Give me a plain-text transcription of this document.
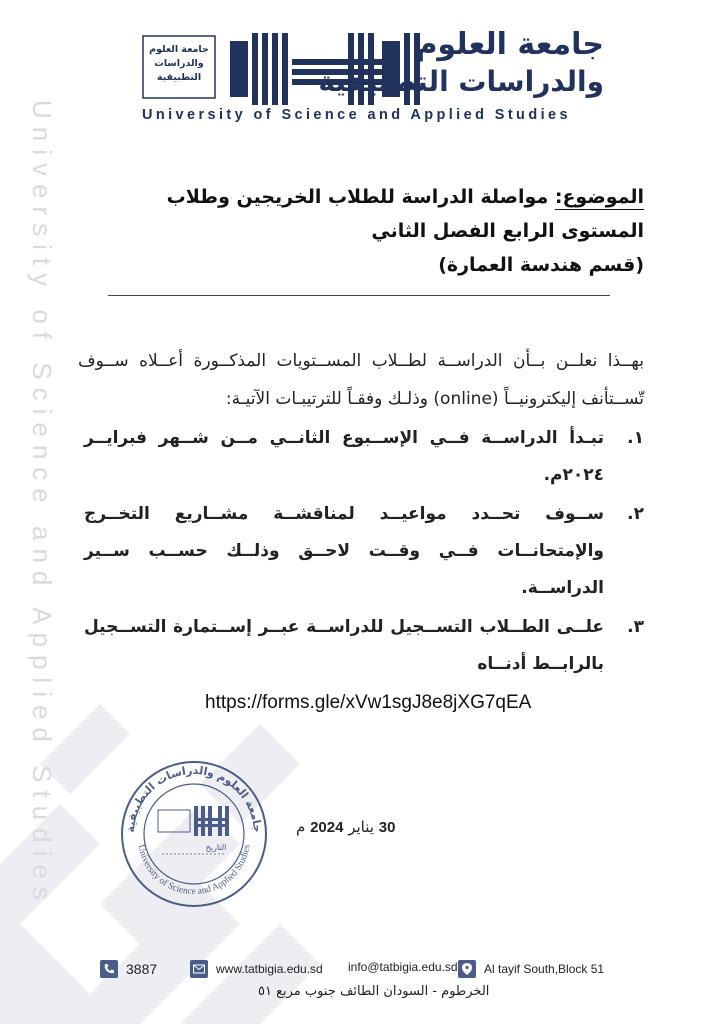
University of Science and Applied Studies
جامعة العلوم والدراسات التطبيقية
جامعة العلوم
والدراسات التطبيقية
University of Science and Applied Studies
الموضوع: مواصلة الدراسة للطلاب الخريجين وطلاب
المستوى الرابع الفصل الثاني
(قسم هندسة العمارة)
بهــذا نعلــن بــأن الدراســة لطــلاب المســتويات المذكــورة أعــلاه ســوف تّســتأنف إليكترونيــاً (online) وذلـك وفقـاً للترتيبـات الآتيـة:
١.
تبـدأ الدراســة فــي الإســبوع الثانــي مــن شــهر فبرايــر ٢٠٢٤م.
٢.
ســوف تحــدد مواعيــد لمناقشــة مشــاريع التخــرج والإمتحانــات فــي وقــت لاحــق وذلــك حســب ســير الدراســة.
٣.
علــى الطــلاب التســجيل للدراســة عبــر إســتمارة التســجيل بالرابــط أدنــاه
https://forms.gle/xVw1sgJ8e8jXG7qEA
جامعة العلوم والدراسات التطبيقية
University of Science and Applied Studies
التاريخ
30 يناير 2024 م
3887	www.tatbigia.edu.sd info@tatbigia.edu.sd Al tayif South,Block 51
الخرطوم - السودان الطائف جنوب مربع ٥١
